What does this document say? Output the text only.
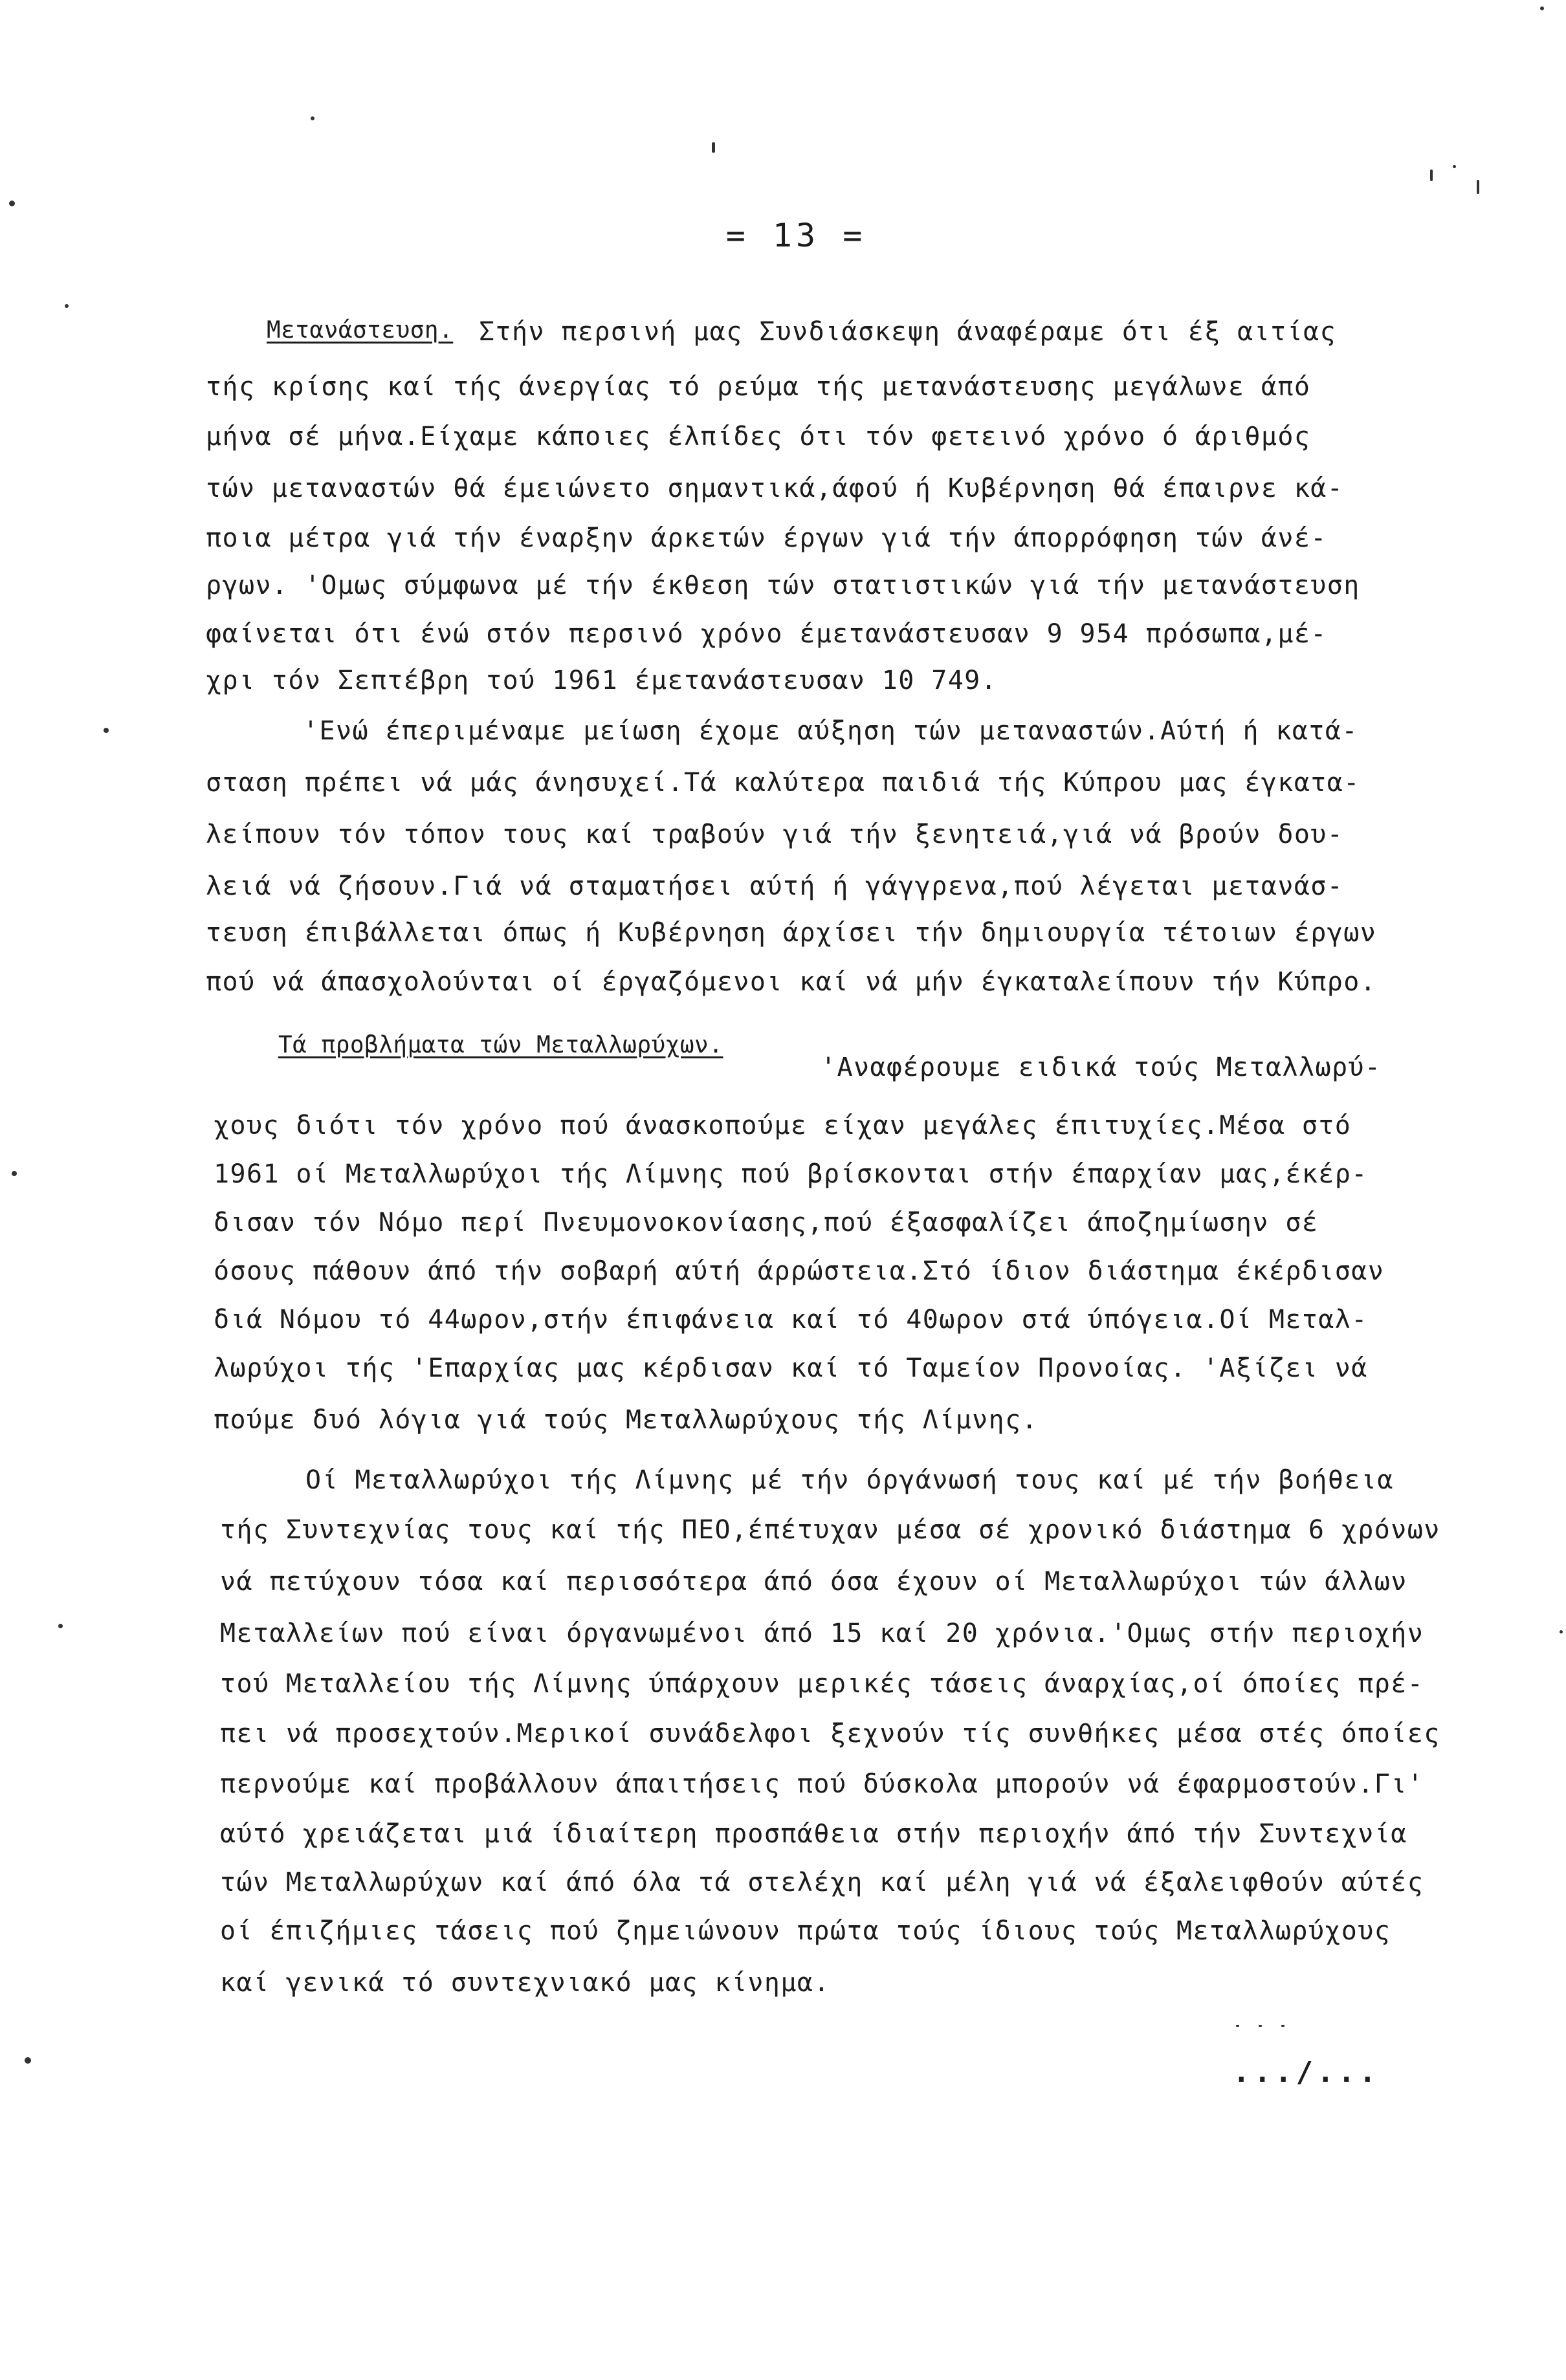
= 13 =
Μετανάστευση. Στήν περσινή μας Συνδιάσκεψη άναφέραμε ότι έξ αιτίας
τής κρίσης καί τής άνεργίας τό ρεύμα τής μετανάστευσης μεγάλωνε άπό
μήνα σέ μήνα.Είχαμε κάποιες έλπίδες ότι τόν φετεινό χρόνο ό άριθμός
τών μεταναστών θά έμειώνετο σημαντικά,άφού ή Κυβέρνηση θά έπαιρνε κά-
ποια μέτρα γιά τήν έναρξην άρκετών έργων γιά τήν άπορρόφηση τών άνέ-
ργων. 'Ομως σύμφωνα μέ τήν έκθεση τών στατιστικών γιά τήν μετανάστευση
φαίνεται ότι ένώ στόν περσινό χρόνο έμετανάστευσαν 9 954 πρόσωπα,μέ-
χρι τόν Σεπτέβρη τού 1961 έμετανάστευσαν 10 749.
'Ενώ έπεριμέναμε μείωση έχομε αύξηση τών μεταναστών.Αύτή ή κατά-
σταση πρέπει νά μάς άνησυχεί.Τά καλύτερα παιδιά τής Κύπρου μας έγκατα-
λείπουν τόν τόπον τους καί τραβούν γιά τήν ξενητειά,γιά νά βρούν δου-
λειά νά ζήσουν.Γιά νά σταματήσει αύτή ή γάγγρενα,πού λέγεται μετανάσ-
τευση έπιβάλλεται όπως ή Κυβέρνηση άρχίσει τήν δημιουργία τέτοιων έργων
πού νά άπασχολούνται οί έργαζόμενοι καί νά μήν έγκαταλείπουν τήν Κύπρο.
Τά προβλήματα τών Μεταλλωρύχων.
'Αναφέρουμε ειδικά τούς Μεταλλωρύ-
χους διότι τόν χρόνο πού άνασκοπούμε είχαν μεγάλες έπιτυχίες.Μέσα στό
1961 οί Μεταλλωρύχοι τής Λίμνης πού βρίσκονται στήν έπαρχίαν μας,έκέρ-
δισαν τόν Νόμο περί Πνευμονοκονίασης,πού έξασφαλίζει άποζημίωσην σέ
όσους πάθουν άπό τήν σοβαρή αύτή άρρώστεια.Στό ίδιον διάστημα έκέρδισαν
διά Νόμου τό 44ωρον,στήν έπιφάνεια καί τό 40ωρον στά ύπόγεια.Οί Μεταλ-
λωρύχοι τής 'Επαρχίας μας κέρδισαν καί τό Ταμείον Προνοίας. 'Αξίζει νά
πούμε δυό λόγια γιά τούς Μεταλλωρύχους τής Λίμνης.
Οί Μεταλλωρύχοι τής Λίμνης μέ τήν όργάνωσή τους καί μέ τήν βοήθεια
τής Συντεχνίας τους καί τής ΠΕΟ,έπέτυχαν μέσα σέ χρονικό διάστημα 6 χρόνων
νά πετύχουν τόσα καί περισσότερα άπό όσα έχουν οί Μεταλλωρύχοι τών άλλων
Μεταλλείων πού είναι όργανωμένοι άπό 15 καί 20 χρόνια.'Ομως στήν περιοχήν
τού Μεταλλείου τής Λίμνης ύπάρχουν μερικές τάσεις άναρχίας,οί όποίες πρέ-
πει νά προσεχτούν.Μερικοί συνάδελφοι ξεχνούν τίς συνθήκες μέσα στές όποίες
περνούμε καί προβάλλουν άπαιτήσεις πού δύσκολα μπορούν νά έφαρμοστούν.Γι'
αύτό χρειάζεται μιά ίδιαίτερη προσπάθεια στήν περιοχήν άπό τήν Συντεχνία
τών Μεταλλωρύχων καί άπό όλα τά στελέχη καί μέλη γιά νά έξαλειφθούν αύτές
οί έπιζήμιες τάσεις πού ζημειώνουν πρώτα τούς ίδιους τούς Μεταλλωρύχους
καί γενικά τό συντεχνιακό μας κίνημα.
.../...
